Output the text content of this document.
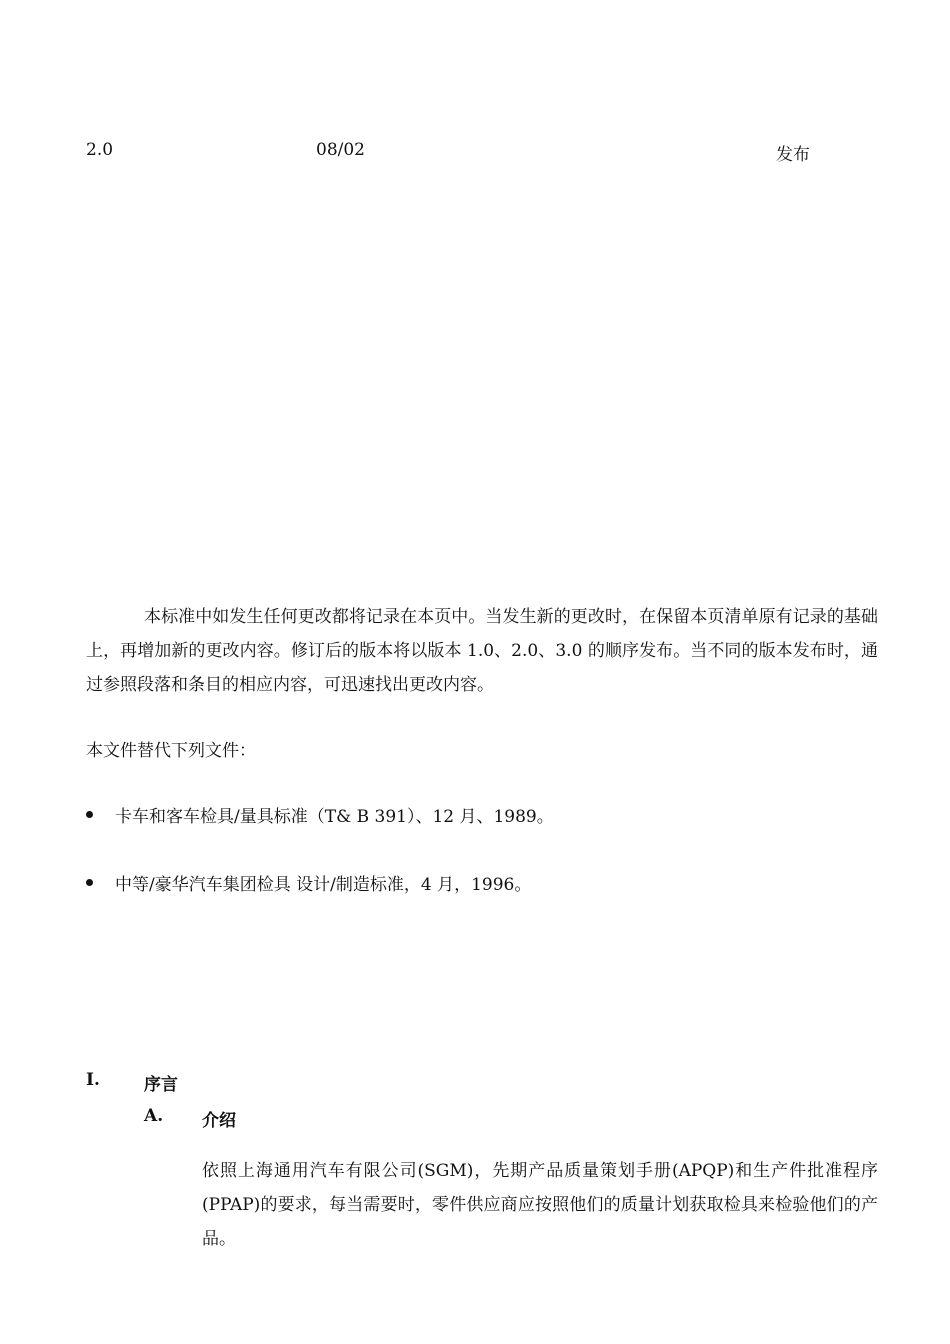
2.0	08/02	发布
本标准中如发生任何更改都将记录在本页中。当发生新的更改时，在保留本页清单原有记录的基础上，再增加新的更改内容。修订后的版本将以版本 1.0、2.0、3.0 的顺序发布。当不同的版本发布时，通过参照段落和条目的相应内容，可迅速找出更改内容。
本文件替代下列文件：
卡车和客车检具/量具标准（T& B 391）、12 月、1989。
中等/豪华汽车集团检具 设计/制造标准，4 月，1996。
I.	序言
A. 介绍
依照上海通用汽车有限公司(SGM)，先期产品质量策划手册(APQP)和生产件批准程序(PPAP)的要求，每当需要时，零件供应商应按照他们的质量计划获取检具来检验他们的产品。
